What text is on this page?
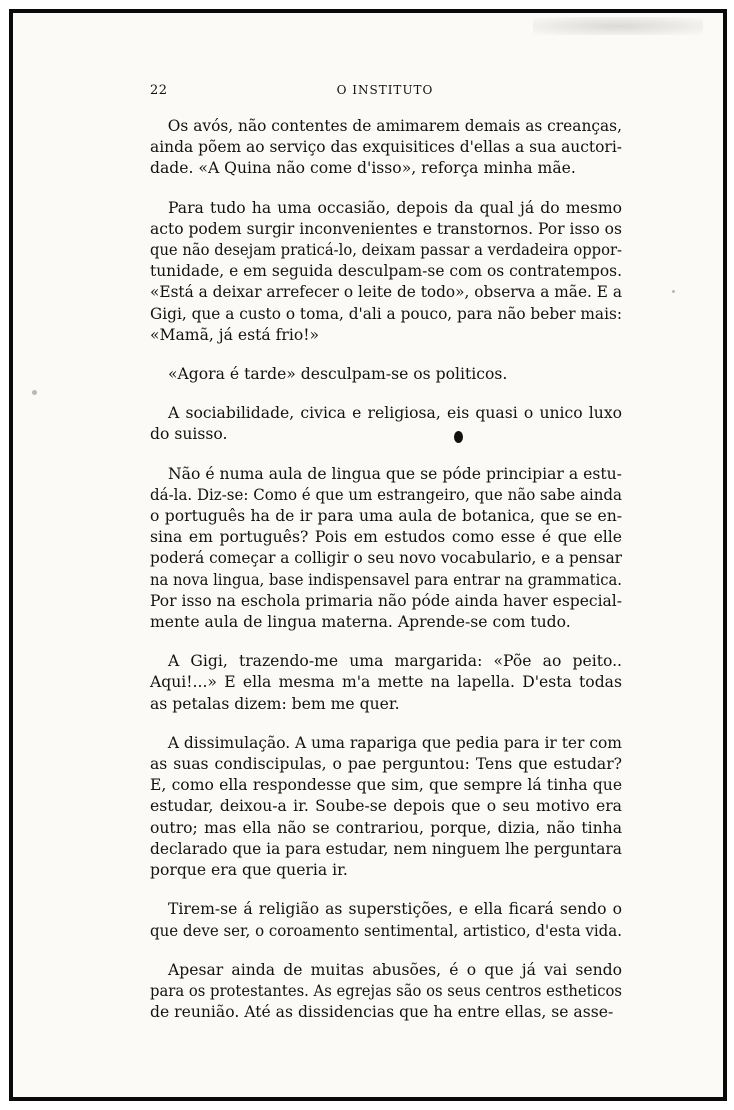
22	O INSTITUTO

Os avós, não contentes de amimarem demais as creanças,
ainda põem ao serviço das exquisitices d'ellas a sua auctori-
dade. «A Quina não come d'isso», reforça minha mãe.

Para tudo ha uma occasião, depois da qual já do mesmo
acto podem surgir inconvenientes e transtornos. Por isso os
que não desejam praticá-lo, deixam passar a verdadeira oppor-
tunidade, e em seguida desculpam-se com os contratempos.
«Está a deixar arrefecer o leite de todo», observa a mãe. E a
Gigi, que a custo o toma, d'ali a pouco, para não beber mais:
«Mamã, já está frio!»

«Agora é tarde» desculpam-se os politicos.

A sociabilidade, civica e religiosa, eis quasi o unico luxo
do suisso.

Não é numa aula de lingua que se póde principiar a estu-
dá-la. Diz-se: Como é que um estrangeiro, que não sabe ainda
o português ha de ir para uma aula de botanica, que se en-
sina em português? Pois em estudos como esse é que elle
poderá começar a colligir o seu novo vocabulario, e a pensar
na nova lingua, base indispensavel para entrar na grammatica.
Por isso na eschola primaria não póde ainda haver especial-
mente aula de lingua materna. Aprende-se com tudo.

A Gigi, trazendo-me uma margarida: «Põe ao peito..
Aqui!...» E ella mesma m'a mette na lapella. D'esta todas
as petalas dizem: bem me quer.

A dissimulação. A uma rapariga que pedia para ir ter com
as suas condiscipulas, o pae perguntou: Tens que estudar?
E, como ella respondesse que sim, que sempre lá tinha que
estudar, deixou-a ir. Soube-se depois que o seu motivo era
outro; mas ella não se contrariou, porque, dizia, não tinha
declarado que ia para estudar, nem ninguem lhe perguntara
porque era que queria ir.

Tirem-se á religião as superstições, e ella ficará sendo o
que deve ser, o coroamento sentimental, artistico, d'esta vida.

Apesar ainda de muitas abusões, é o que já vai sendo
para os protestantes. As egrejas são os seus centros estheticos
de reunião. Até as dissidencias que ha entre ellas, se asse-
